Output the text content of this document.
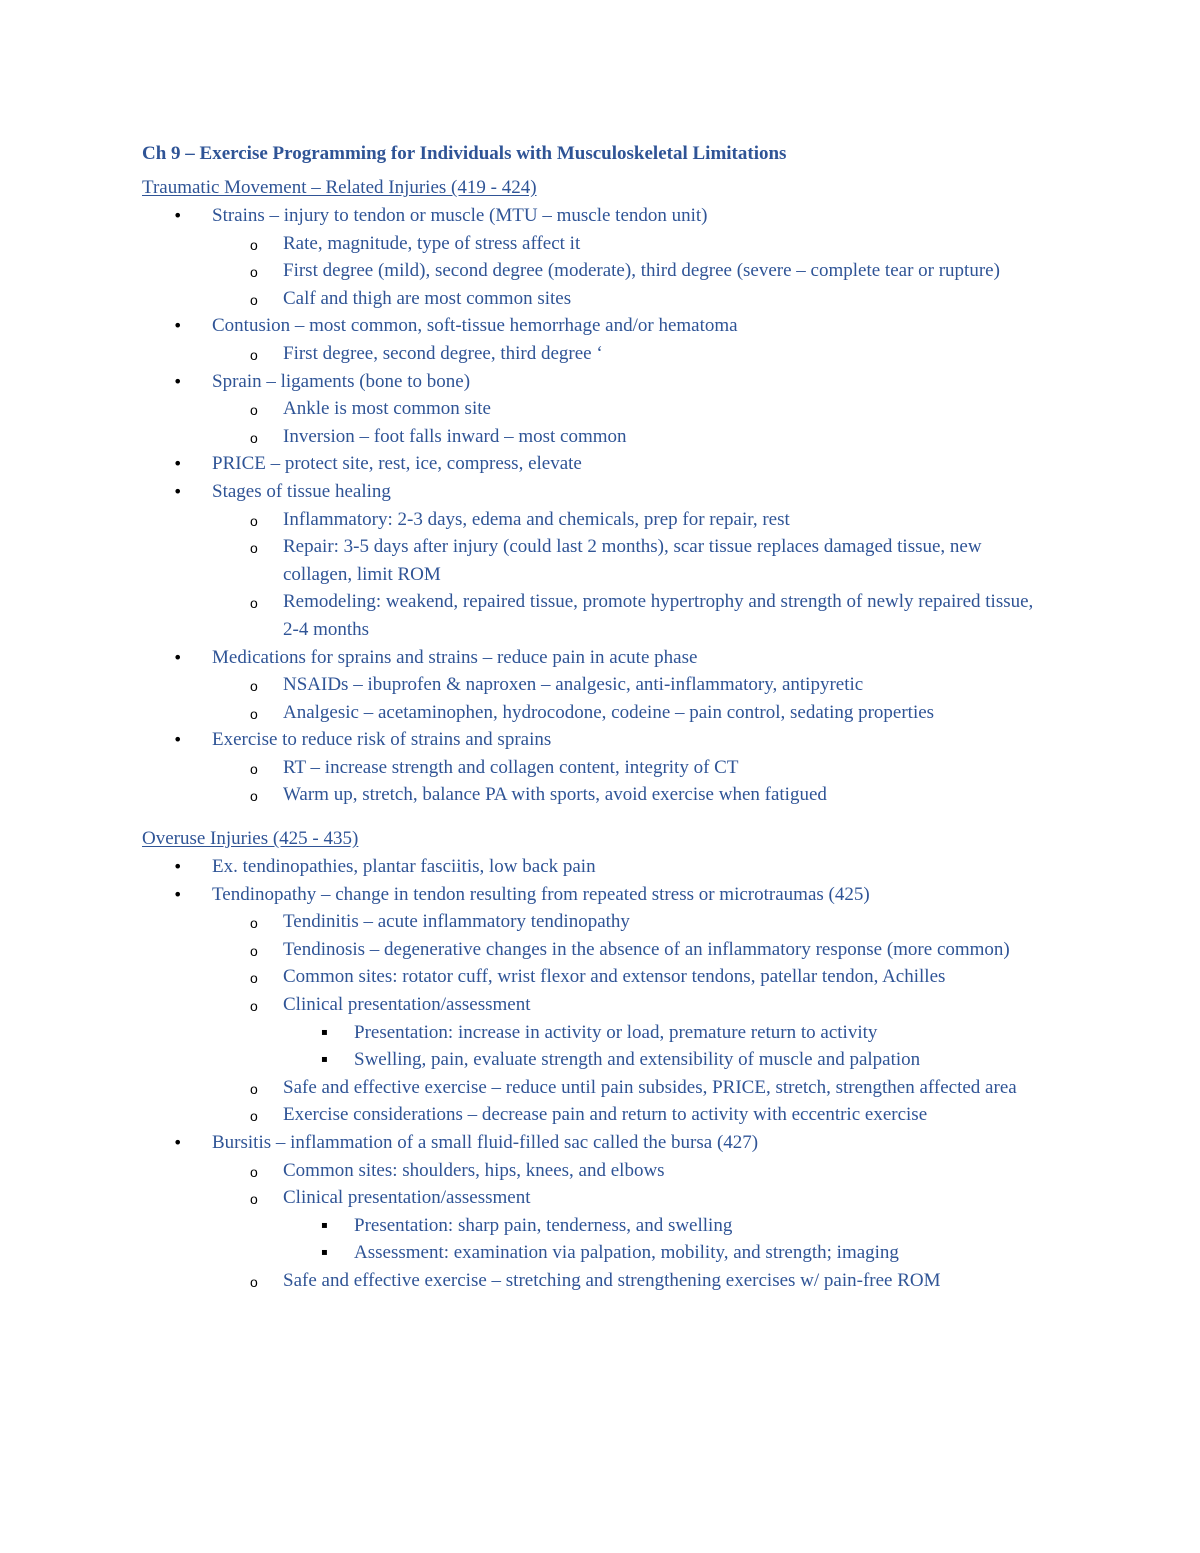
Ch 9 – Exercise Programming for Individuals with Musculoskeletal Limitations
Traumatic Movement – Related Injuries (419 - 424)
• Strains – injury to tendon or muscle (MTU – muscle tendon unit)
o Rate, magnitude, type of stress affect it
o First degree (mild), second degree (moderate), third degree (severe – complete tear or rupture)
o Calf and thigh are most common sites
• Contusion – most common, soft-tissue hemorrhage and/or hematoma
o First degree, second degree, third degree ‘
• Sprain – ligaments (bone to bone)
o Ankle is most common site
o Inversion – foot falls inward – most common
• PRICE – protect site, rest, ice, compress, elevate
• Stages of tissue healing
o Inflammatory: 2-3 days, edema and chemicals, prep for repair, rest
o Repair: 3-5 days after injury (could last 2 months), scar tissue replaces damaged tissue, new collagen, limit ROM
o Remodeling: weakend, repaired tissue, promote hypertrophy and strength of newly repaired tissue, 2-4 months
• Medications for sprains and strains – reduce pain in acute phase
o NSAIDs – ibuprofen & naproxen – analgesic, anti-inflammatory, antipyretic
o Analgesic – acetaminophen, hydrocodone, codeine – pain control, sedating properties
• Exercise to reduce risk of strains and sprains
o RT – increase strength and collagen content, integrity of CT
o Warm up, stretch, balance PA with sports, avoid exercise when fatigued
Overuse Injuries (425 - 435)
• Ex. tendinopathies, plantar fasciitis, low back pain
• Tendinopathy – change in tendon resulting from repeated stress or microtraumas (425)
o Tendinitis – acute inflammatory tendinopathy
o Tendinosis – degenerative changes in the absence of an inflammatory response (more common)
o Common sites: rotator cuff, wrist flexor and extensor tendons, patellar tendon, Achilles
o Clinical presentation/assessment
▪ Presentation: increase in activity or load, premature return to activity
▪ Swelling, pain, evaluate strength and extensibility of muscle and palpation
o Safe and effective exercise – reduce until pain subsides, PRICE, stretch, strengthen affected area
o Exercise considerations – decrease pain and return to activity with eccentric exercise
• Bursitis – inflammation of a small fluid-filled sac called the bursa (427)
o Common sites: shoulders, hips, knees, and elbows
o Clinical presentation/assessment
▪ Presentation: sharp pain, tenderness, and swelling
▪ Assessment: examination via palpation, mobility, and strength; imaging
o Safe and effective exercise – stretching and strengthening exercises w/ pain-free ROM
